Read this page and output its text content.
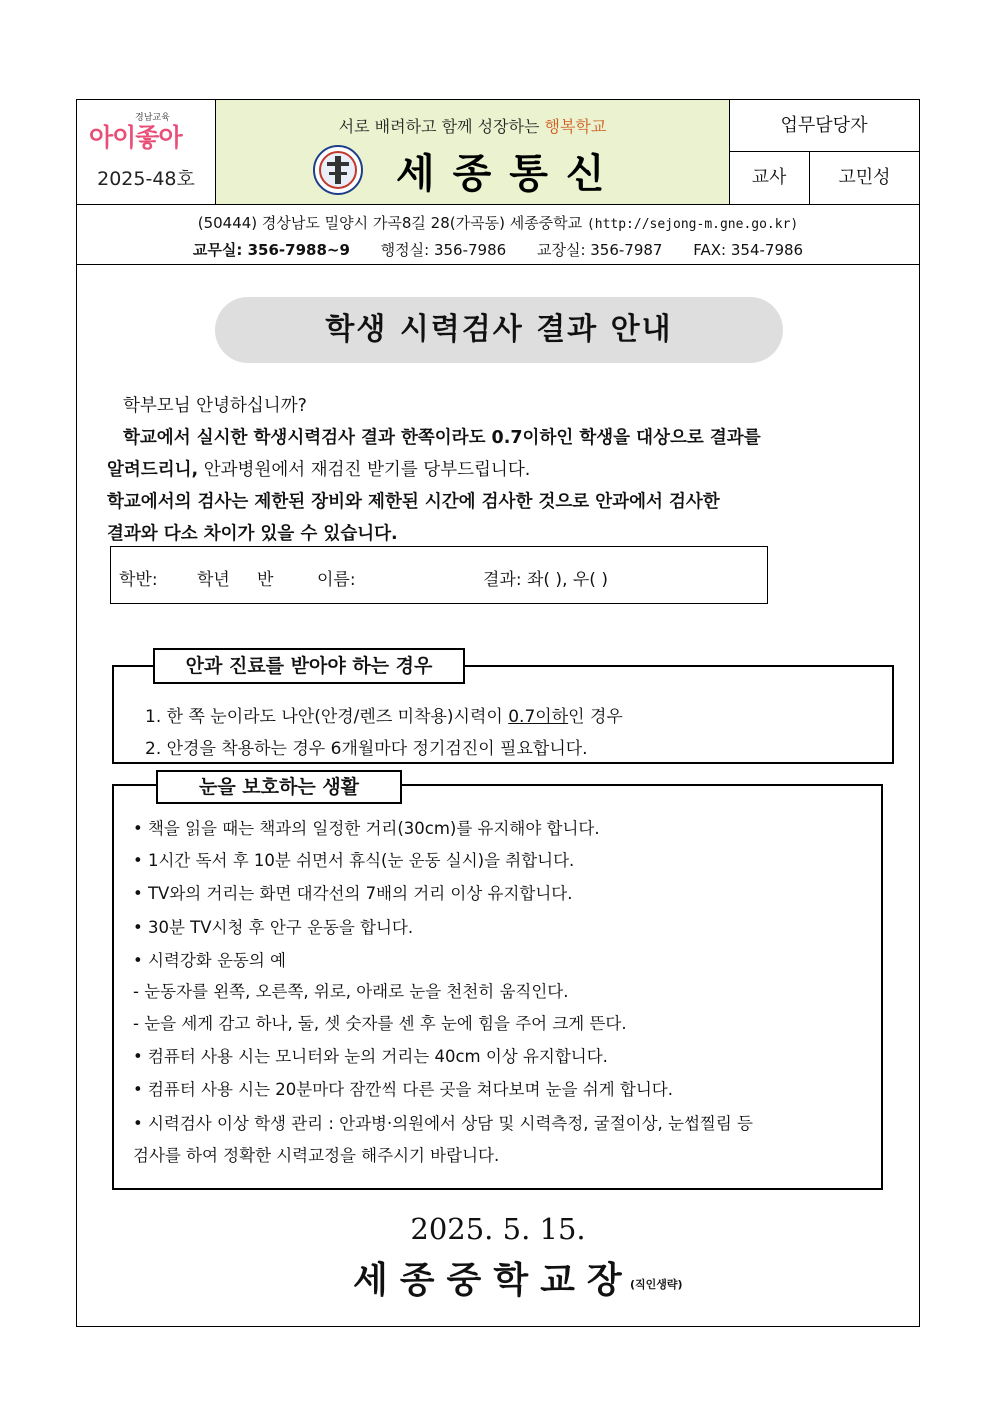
경남교육
아이좋아
2025-48호
서로 배려하고 함께 성장하는 행복학교
세종통신
업무담당자
교사	고민성
(50444) 경상남도 밀양시 가곡8길 28(가곡동) 세종중학교 (http://sejong-m.gne.go.kr)
교무실: 356-7988~9 행정실: 356-7986 교장실: 356-7987 FAX: 354-7986
학생 시력검사 결과 안내
학부모님 안녕하십니까?
학교에서 실시한 학생시력검사 결과 한쪽이라도 0.7이하인 학생을 대상으로 결과를
알려드리니, 안과병원에서 재검진 받기를 당부드립니다.
학교에서의 검사는 제한된 장비와 제한된 시간에 검사한 것으로 안과에서 검사한
결과와 다소 차이가 있을 수 있습니다.
학반: 학년 반	이름:	결과: 좌( ), 우( )
안과 진료를 받아야 하는 경우
1. 한 쪽 눈이라도 나안(안경/렌즈 미착용)시력이 0.7이하인 경우
2. 안경을 착용하는 경우 6개월마다 정기검진이 필요합니다.
눈을 보호하는 생활
• 책을 읽을 때는 책과의 일정한 거리(30cm)를 유지해야 합니다.
• 1시간 독서 후 10분 쉬면서 휴식(눈 운동 실시)을 취합니다.
• TV와의 거리는 화면 대각선의 7배의 거리 이상 유지합니다.
• 30분 TV시청 후 안구 운동을 합니다.
• 시력강화 운동의 예
- 눈동자를 왼쪽, 오른쪽, 위로, 아래로 눈을 천천히 움직인다.
- 눈을 세게 감고 하나, 둘, 셋 숫자를 센 후 눈에 힘을 주어 크게 뜬다.
• 컴퓨터 사용 시는 모니터와 눈의 거리는 40cm 이상 유지합니다.
• 컴퓨터 사용 시는 20분마다 잠깐씩 다른 곳을 쳐다보며 눈을 쉬게 합니다.
• 시력검사 이상 학생 관리 : 안과병·의원에서 상담 및 시력측정, 굴절이상, 눈썹찔림 등
검사를 하여 정확한 시력교정을 해주시기 바랍니다.
2025. 5. 15.
세종중학교장
(직인생략)
